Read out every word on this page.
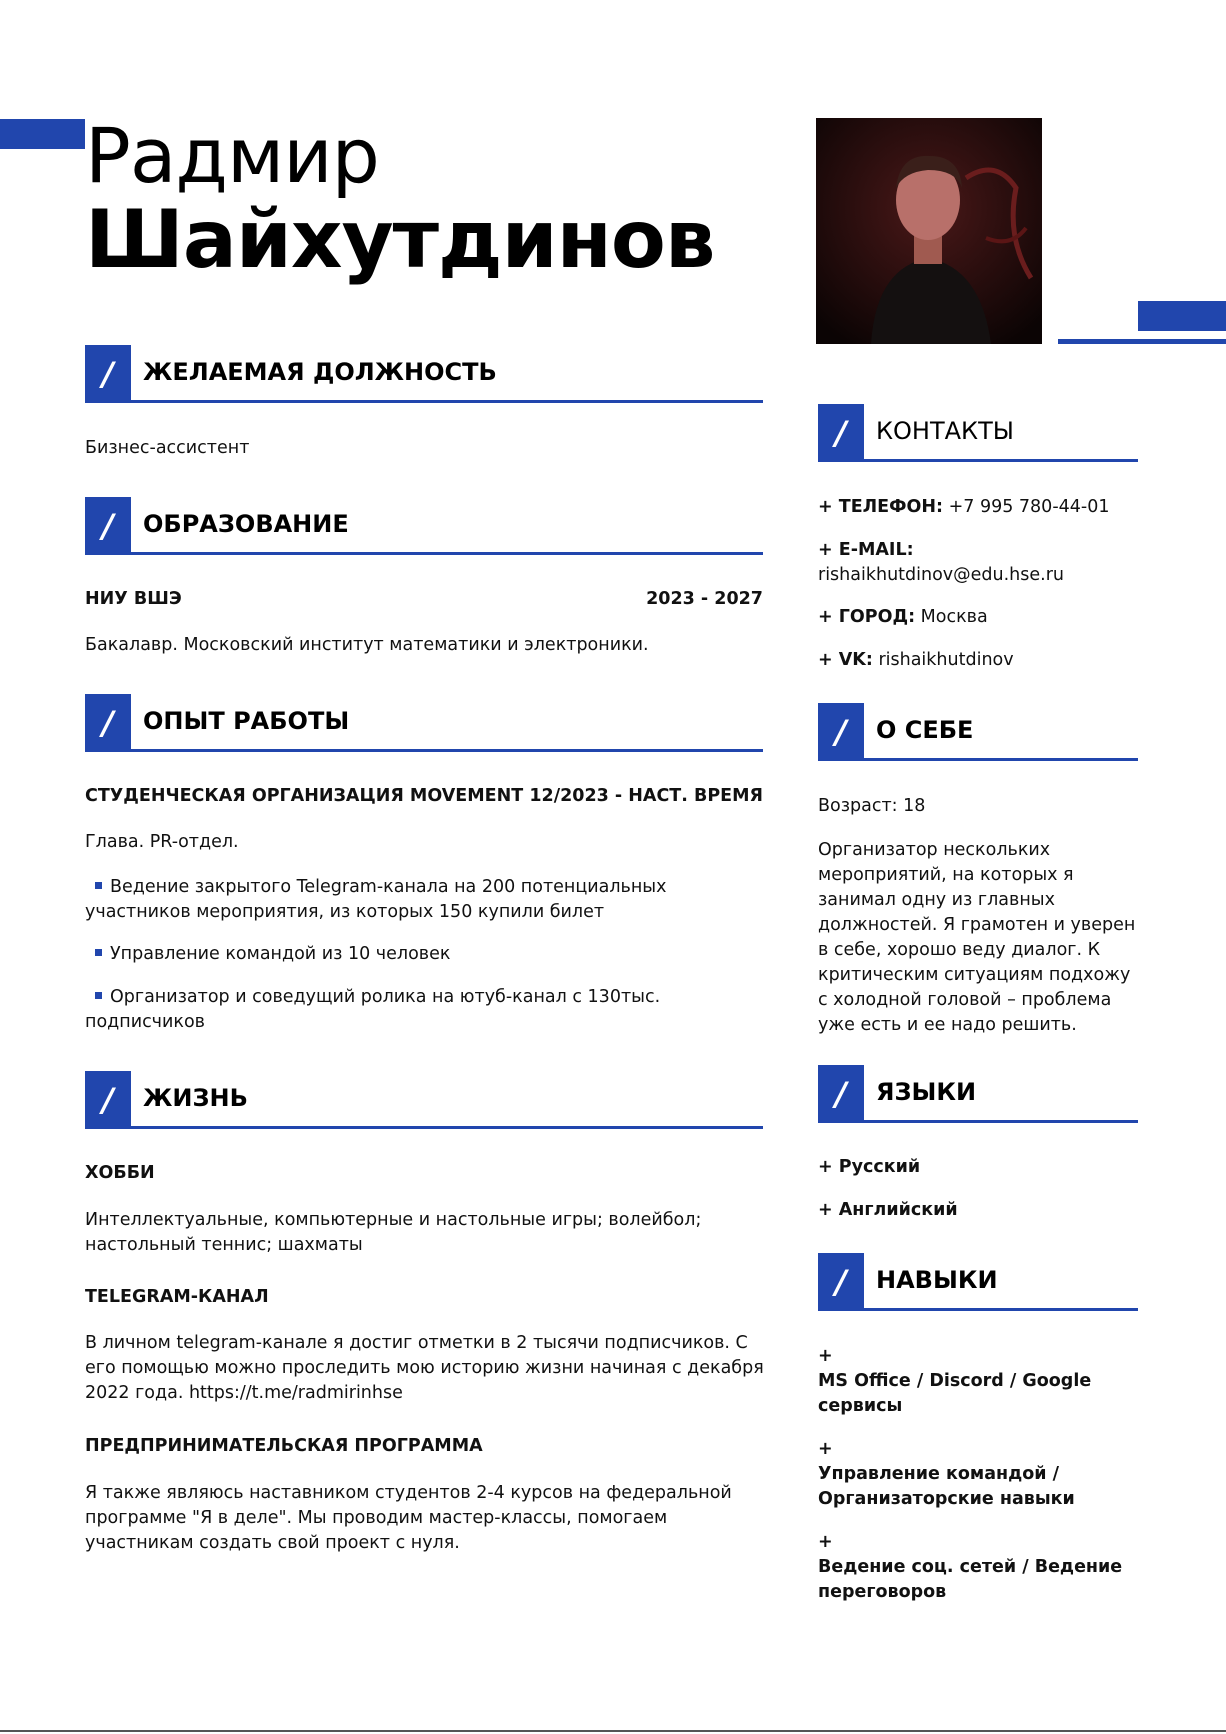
Радмир
Шайхутдинов
/	ЖЕЛАЕМАЯ ДОЛЖНОСТЬ
Бизнес-ассистент
/	ОБРАЗОВАНИЕ
НИУ ВШЭ	2023 - 2027
Бакалавр. Московский институт математики и электроники.
/	ОПЫТ РАБОТЫ
СТУДЕНЧЕСКАЯ ОРГАНИЗАЦИЯ MOVEMENT 12/2023 - НАСТ. ВРЕМЯ
Глава. PR-отдел.
Ведение закрытого Telegram-канала на 200 потенциальных участников мероприятия, из которых 150 купили билет
Управление командой из 10 человек
Организатор и соведущий ролика на ютуб-канал с 130тыс. подписчиков
/	ЖИЗНЬ
ХОББИ
Интеллектуальные, компьютерные и настольные игры; волейбол; настольный теннис; шахматы
TELEGRAM-КАНАЛ
В личном telegram-канале я достиг отметки в 2 тысячи подписчиков. С его помощью можно проследить мою историю жизни начиная с декабря 2022 года. https://t.me/radmirinhse
ПРЕДПРИНИМАТЕЛЬСКАЯ ПРОГРАММА
Я также являюсь наставником студентов 2-4 курсов на федеральной программе "Я в деле". Мы проводим мастер-классы, помогаем участникам создать свой проект с нуля.
/	КОНТАКТЫ
+ ТЕЛЕФОН: +7 995 780-44-01
+ E-MAIL:
rishaikhutdinov@edu.hse.ru
+ ГОРОД: Москва
+ VK: rishaikhutdinov
/	О СЕБЕ
Возраст: 18
Организатор нескольких мероприятий, на которых я занимал одну из главных должностей. Я грамотен и уверен в себе, хорошо веду диалог. К критическим ситуациям подхожу с холодной головой – проблема уже есть и ее надо решить.
/	ЯЗЫКИ
+ Русский
+ Английский
/	НАВЫКИ
+
MS Office / Discord / Google сервисы
+
Управление командой / Организаторские навыки
+
Ведение соц. сетей / Ведение переговоров
